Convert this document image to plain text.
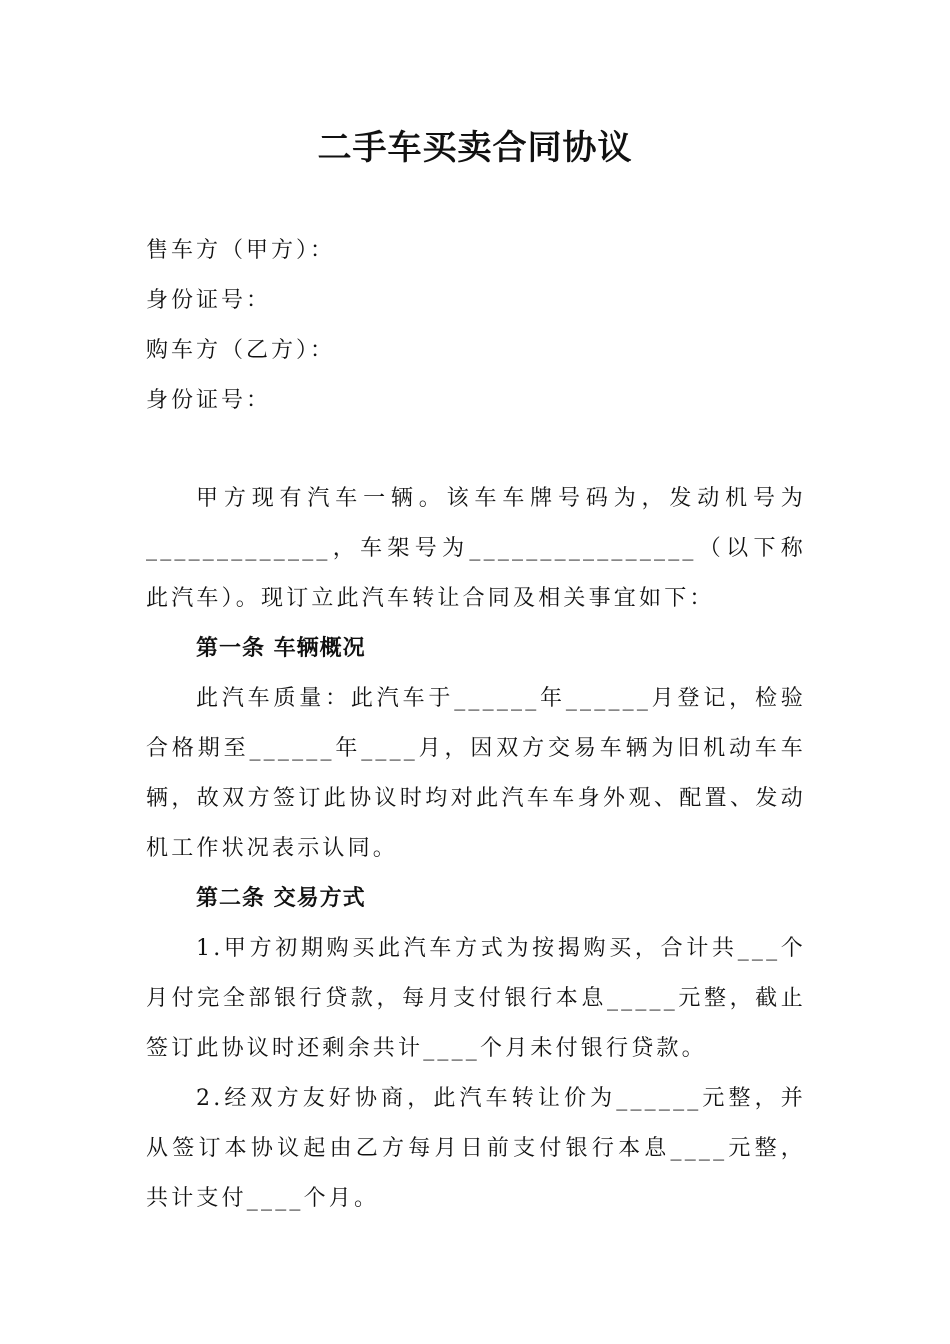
二手车买卖合同协议
售车方（甲方）：
身份证号：
购车方（乙方）：
身份证号：

甲方现有汽车一辆。该车车牌号码为，发动机号为_____________，车架号为________________（以下称此汽车）。现订立此汽车转让合同及相关事宜如下：

第一条 车辆概况

此汽车质量：此汽车于______年______月登记，检验合格期至______年____月，因双方交易车辆为旧机动车车辆，故双方签订此协议时均对此汽车车身外观、配置、发动机工作状况表示认同。

第二条 交易方式

1.甲方初期购买此汽车方式为按揭购买，合计共___个月付完全部银行贷款，每月支付银行本息_____元整，截止签订此协议时还剩余共计____个月未付银行贷款。

2.经双方友好协商，此汽车转让价为______元整，并从签订本协议起由乙方每月日前支付银行本息____元整，共计支付____个月。
